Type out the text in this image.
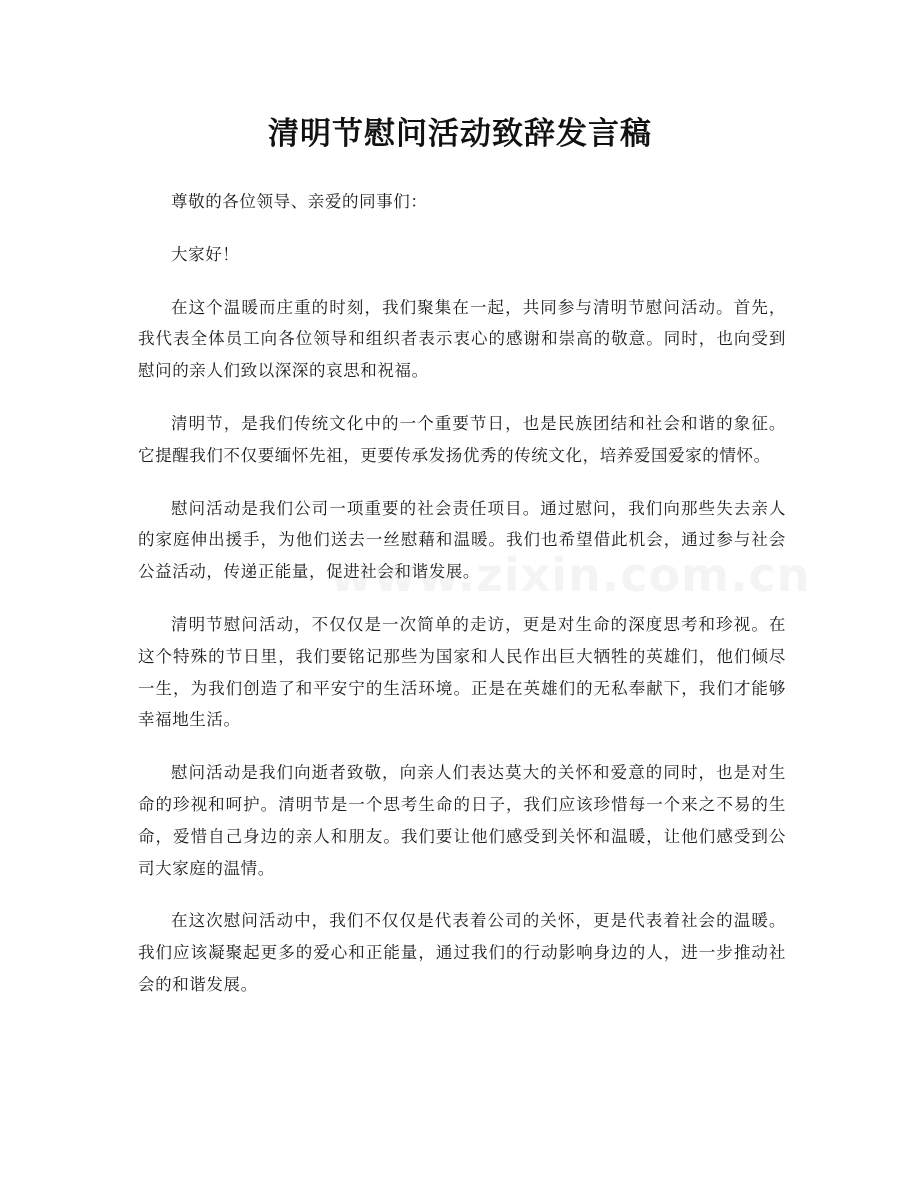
清明节慰问活动致辞发言稿

尊敬的各位领导、亲爱的同事们：

大家好！

在这个温暖而庄重的时刻，我们聚集在一起，共同参与清明节慰问活动。首先，我代表全体员工向各位领导和组织者表示衷心的感谢和崇高的敬意。同时，也向受到慰问的亲人们致以深深的哀思和祝福。

清明节，是我们传统文化中的一个重要节日，也是民族团结和社会和谐的象征。它提醒我们不仅要缅怀先祖，更要传承发扬优秀的传统文化，培养爱国爱家的情怀。

慰问活动是我们公司一项重要的社会责任项目。通过慰问，我们向那些失去亲人的家庭伸出援手，为他们送去一丝慰藉和温暖。我们也希望借此机会，通过参与社会公益活动，传递正能量，促进社会和谐发展。

清明节慰问活动，不仅仅是一次简单的走访，更是对生命的深度思考和珍视。在这个特殊的节日里，我们要铭记那些为国家和人民作出巨大牺牲的英雄们，他们倾尽一生，为我们创造了和平安宁的生活环境。正是在英雄们的无私奉献下，我们才能够幸福地生活。

慰问活动是我们向逝者致敬，向亲人们表达莫大的关怀和爱意的同时，也是对生命的珍视和呵护。清明节是一个思考生命的日子，我们应该珍惜每一个来之不易的生命，爱惜自己身边的亲人和朋友。我们要让他们感受到关怀和温暖，让他们感受到公司大家庭的温情。

在这次慰问活动中，我们不仅仅是代表着公司的关怀，更是代表着社会的温暖。我们应该凝聚起更多的爱心和正能量，通过我们的行动影响身边的人，进一步推动社会的和谐发展。
